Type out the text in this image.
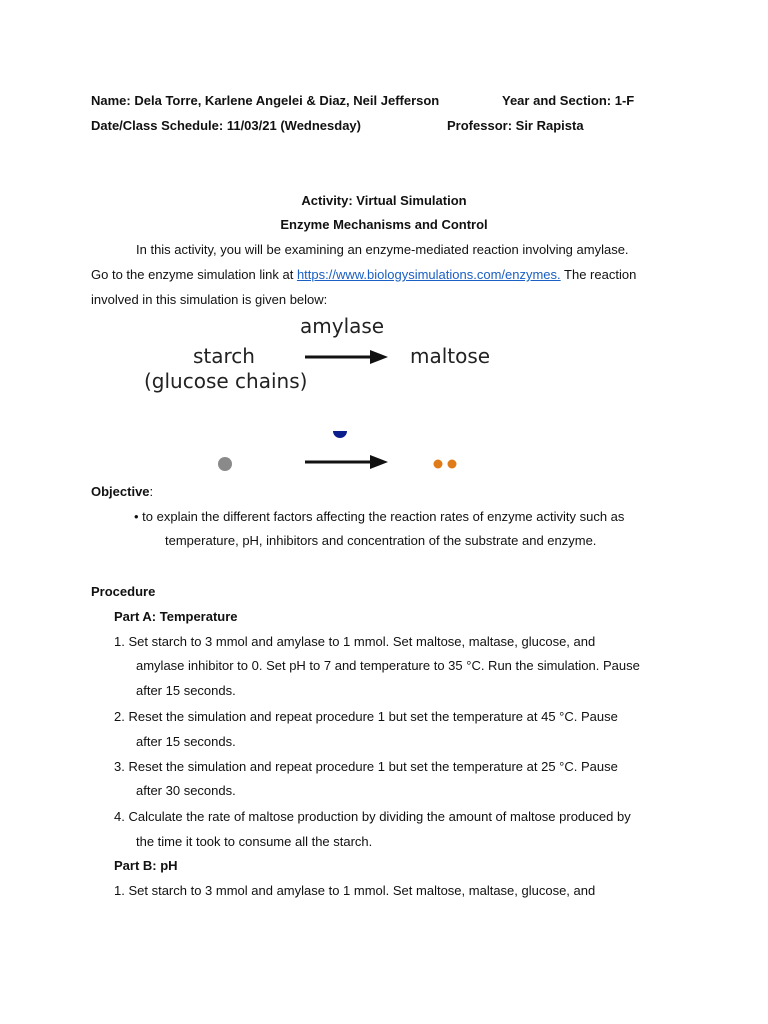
Name: Dela Torre, Karlene Angelei & Diaz, Neil Jefferson	Year and Section: 1-F
Date/Class Schedule: 11/03/21 (Wednesday)	Professor: Sir Rapista
Activity: Virtual Simulation
Enzyme Mechanisms and Control
In this activity, you will be examining an enzyme-mediated reaction involving amylase.
Go to the enzyme simulation link at https://www.biologysimulations.com/enzymes. The reaction
involved in this simulation is given below:
amylase
starch
(glucose chains)
maltose
Objective:
• to explain the different factors affecting the reaction rates of enzyme activity such as
temperature, pH, inhibitors and concentration of the substrate and enzyme.
Procedure
Part A: Temperature
1. Set starch to 3 mmol and amylase to 1 mmol. Set maltose, maltase, glucose, and
amylase inhibitor to 0. Set pH to 7 and temperature to 35 °C. Run the simulation. Pause
after 15 seconds.
2. Reset the simulation and repeat procedure 1 but set the temperature at 45 °C. Pause
after 15 seconds.
3. Reset the simulation and repeat procedure 1 but set the temperature at 25 °C. Pause
after 30 seconds.
4. Calculate the rate of maltose production by dividing the amount of maltose produced by
the time it took to consume all the starch.
Part B: pH
1. Set starch to 3 mmol and amylase to 1 mmol. Set maltose, maltase, glucose, and
